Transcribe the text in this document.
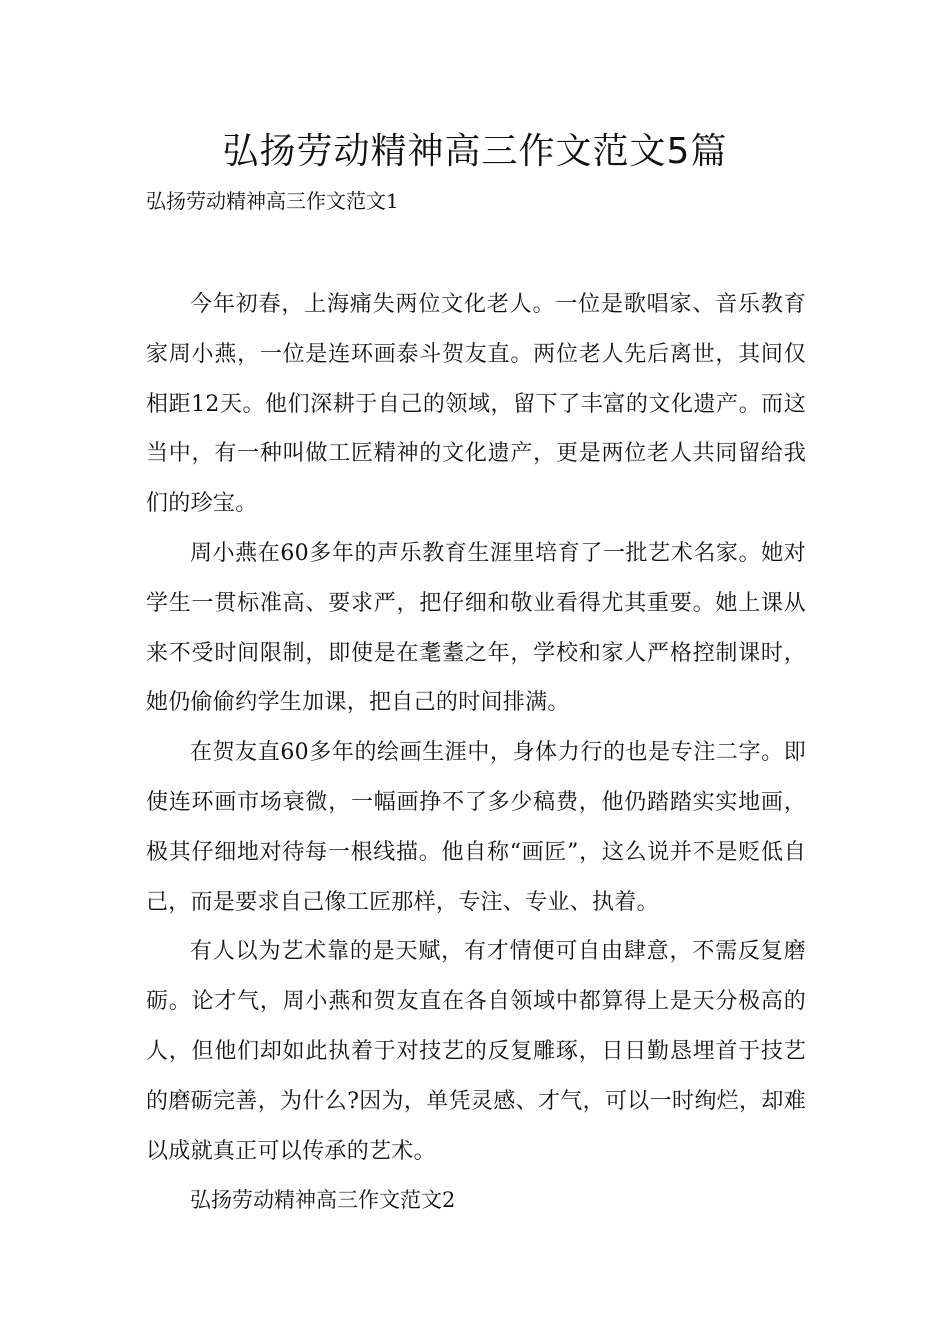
弘扬劳动精神高三作文范文5篇

弘扬劳动精神高三作文范文1

今年初春，上海痛失两位文化老人。一位是歌唱家、音乐教育家周小燕，一位是连环画泰斗贺友直。两位老人先后离世，其间仅相距12天。他们深耕于自己的领域，留下了丰富的文化遗产。而这当中，有一种叫做工匠精神的文化遗产，更是两位老人共同留给我们的珍宝。

周小燕在60多年的声乐教育生涯里培育了一批艺术名家。她对学生一贯标准高、要求严，把仔细和敬业看得尤其重要。她上课从来不受时间限制，即使是在耄耋之年，学校和家人严格控制课时，她仍偷偷约学生加课，把自己的时间排满。

在贺友直60多年的绘画生涯中，身体力行的也是专注二字。即使连环画市场衰微，一幅画挣不了多少稿费，他仍踏踏实实地画，极其仔细地对待每一根线描。他自称“画匠”，这么说并不是贬低自己，而是要求自己像工匠那样，专注、专业、执着。

有人以为艺术靠的是天赋，有才情便可自由肆意，不需反复磨砺。论才气，周小燕和贺友直在各自领域中都算得上是天分极高的人，但他们却如此执着于对技艺的反复雕琢，日日勤恳埋首于技艺的磨砺完善，为什么?因为，单凭灵感、才气，可以一时绚烂，却难以成就真正可以传承的艺术。

弘扬劳动精神高三作文范文2
